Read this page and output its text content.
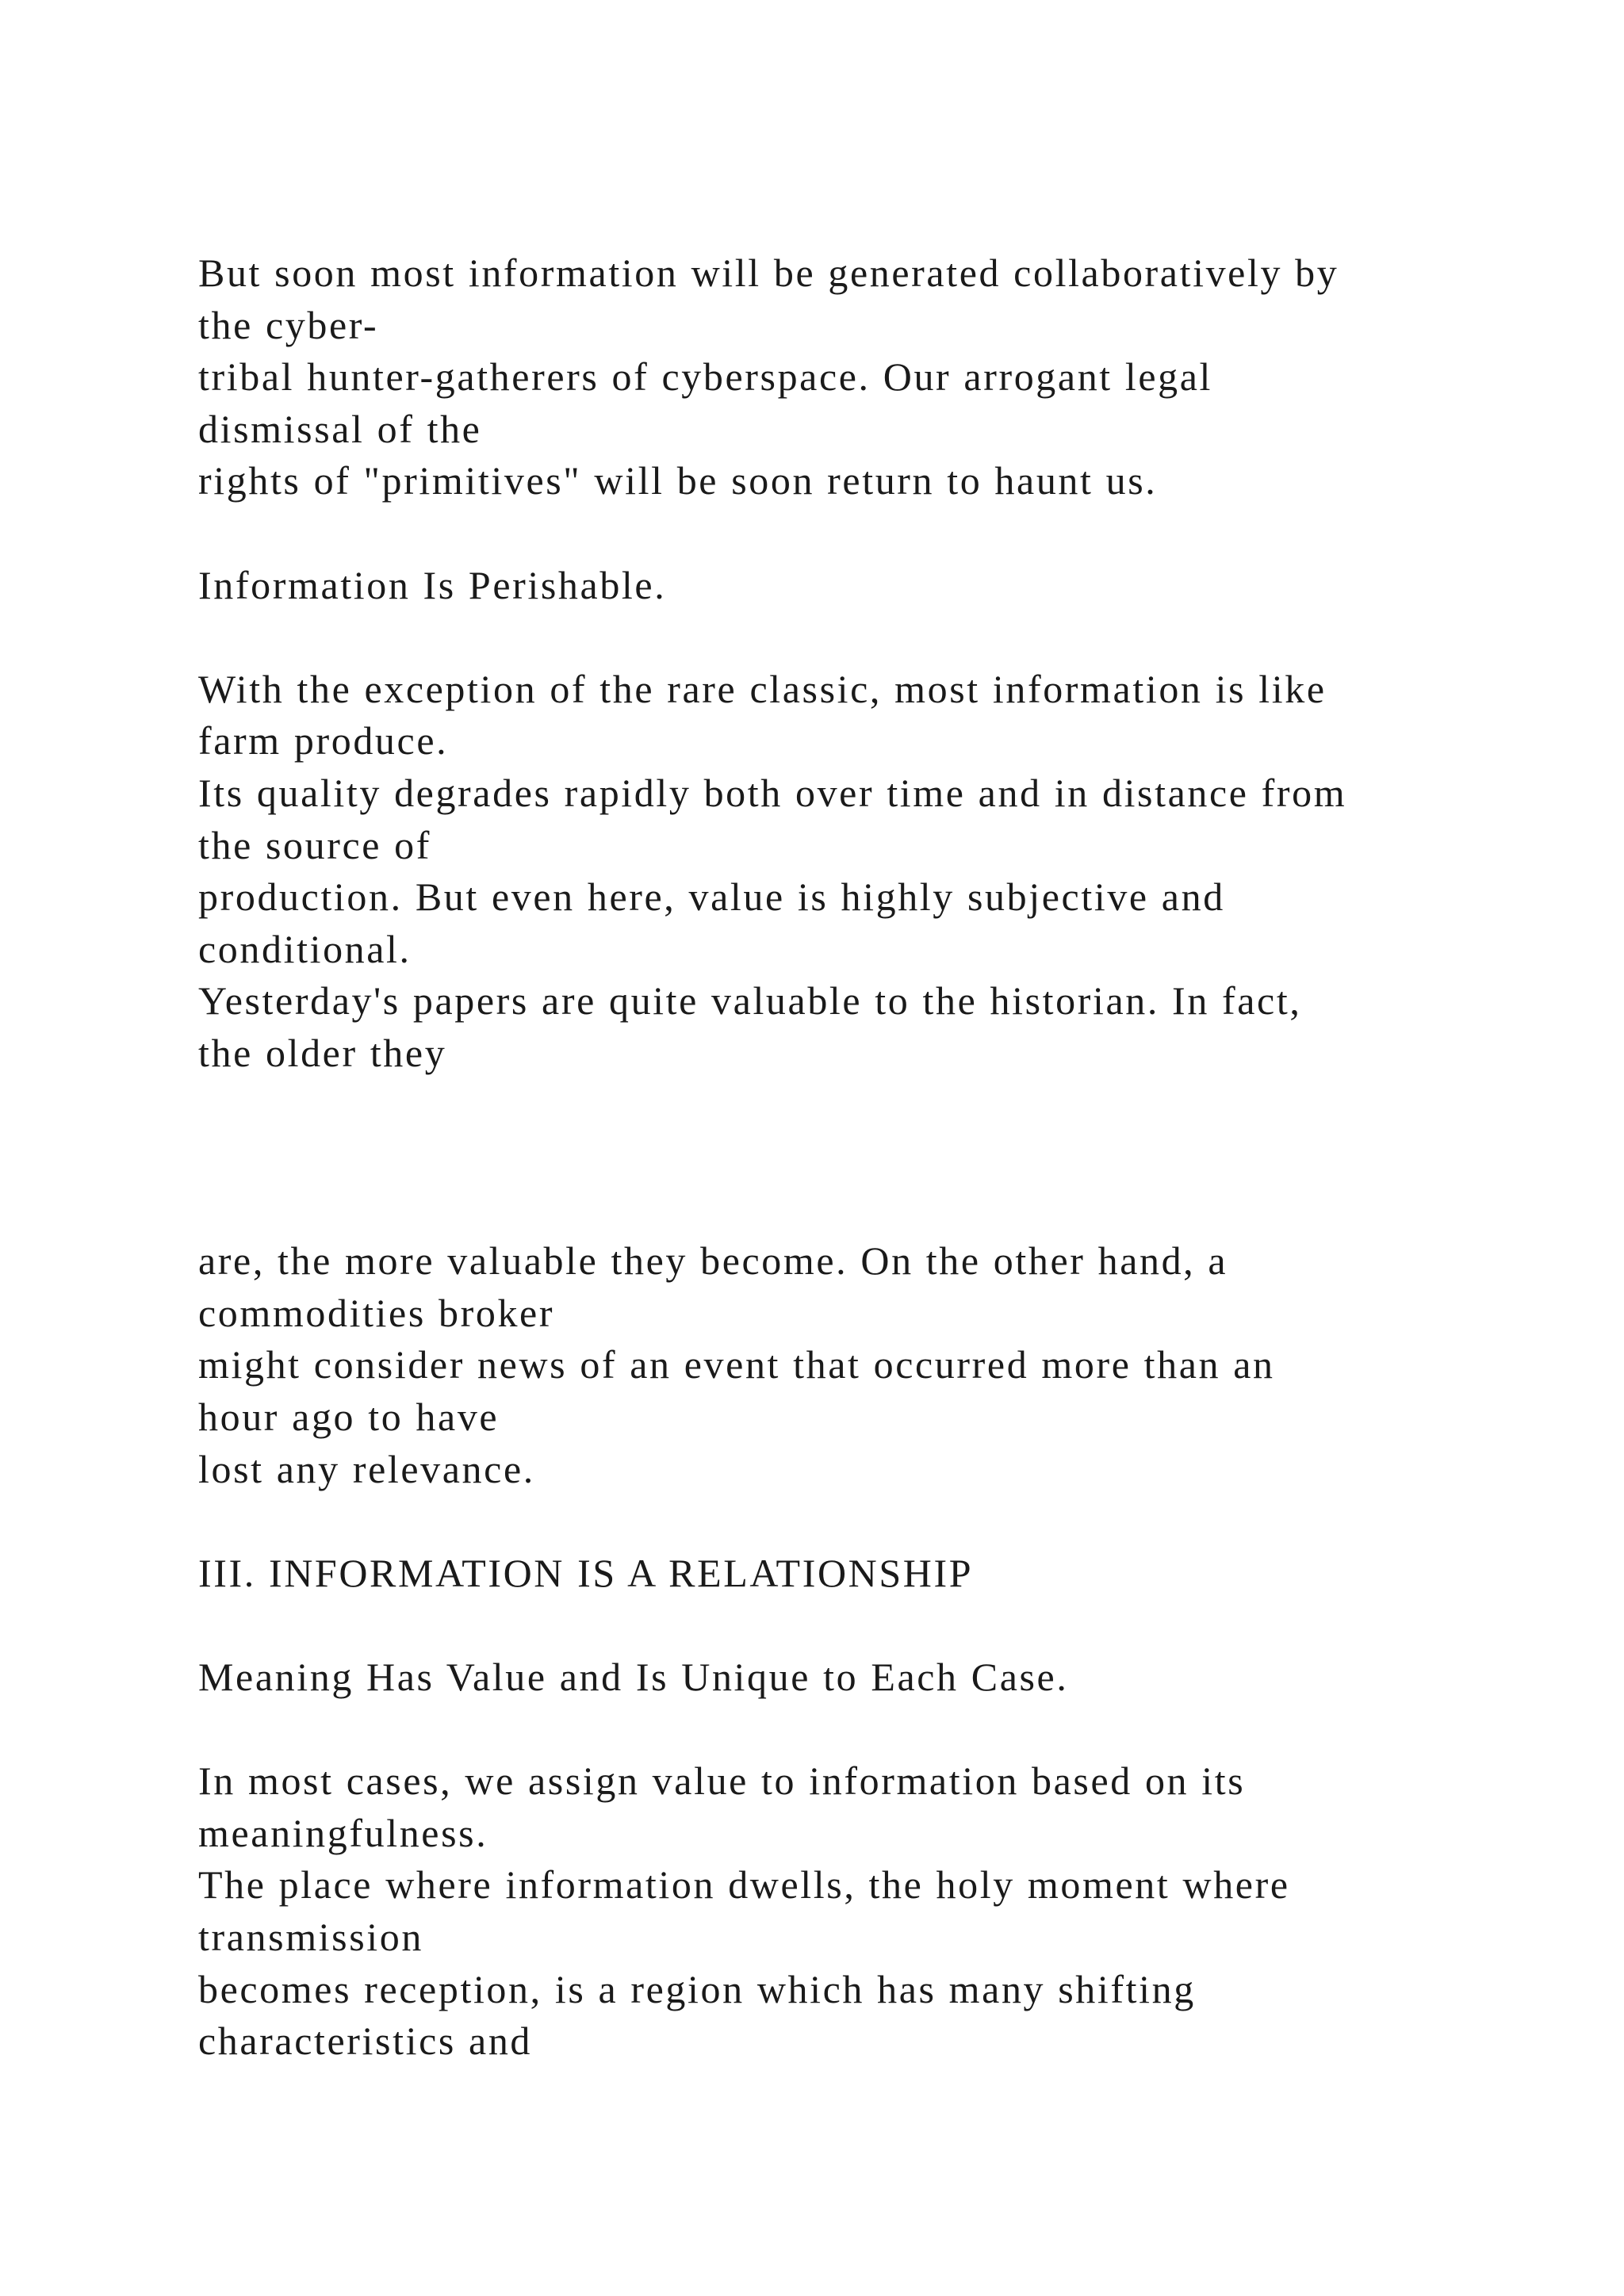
But soon most information will be generated collaboratively by
the cyber-
tribal hunter-gatherers of cyberspace. Our arrogant legal
dismissal of the
rights of "primitives" will be soon return to haunt us.
Information Is Perishable.
With the exception of the rare classic, most information is like
farm produce.
Its quality degrades rapidly both over time and in distance from
the source of
production. But even here, value is highly subjective and
conditional.
Yesterday's papers are quite valuable to the historian. In fact,
the older they
are, the more valuable they become. On the other hand, a
commodities broker
might consider news of an event that occurred more than an
hour ago to have
lost any relevance.
III. INFORMATION IS A RELATIONSHIP
Meaning Has Value and Is Unique to Each Case.
In most cases, we assign value to information based on its
meaningfulness.
The place where information dwells, the holy moment where
transmission
becomes reception, is a region which has many shifting
characteristics and
